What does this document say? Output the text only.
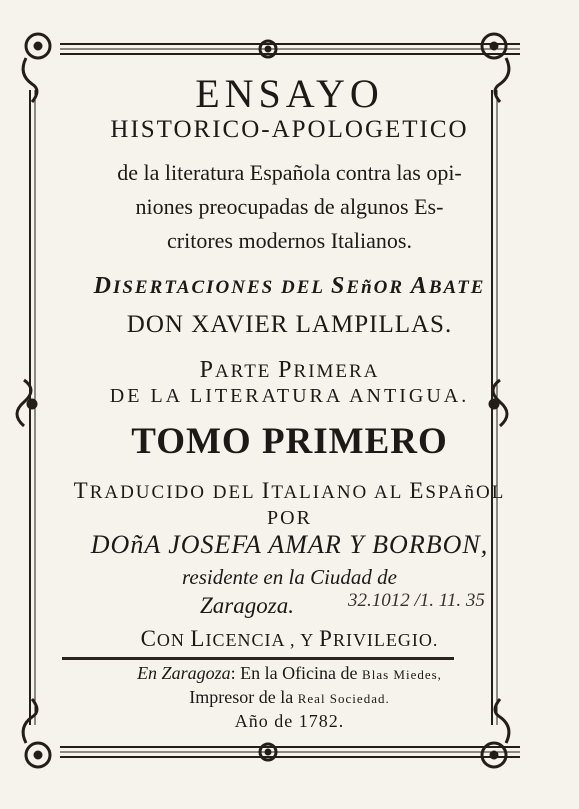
ENSAYO
HISTORICO-APOLOGETICO
de la literatura Española contra las opi-
niones preocupadas de algunos Es-
critores modernos Italianos.
DISERTACIONES DEL SEñOR ABATE
DON XAVIER LAMPILLAS.
PARTE PRIMERA
DE LA LITERATURA ANTIGUA.
TOMO PRIMERO
TRADUCIDO DEL ITALIANO AL ESPAñOL
POR
DOñA JOSEFA AMAR Y BORBON,
residente en la Ciudad de
Zaragoza.	32.1012 /1. 11. 35
CON LICENCIA , Y PRIVILEGIO.
En Zaragoza: En la Oficina de Blas Miedes,
Impresor de la Real Sociedad.
Año de 1782.
